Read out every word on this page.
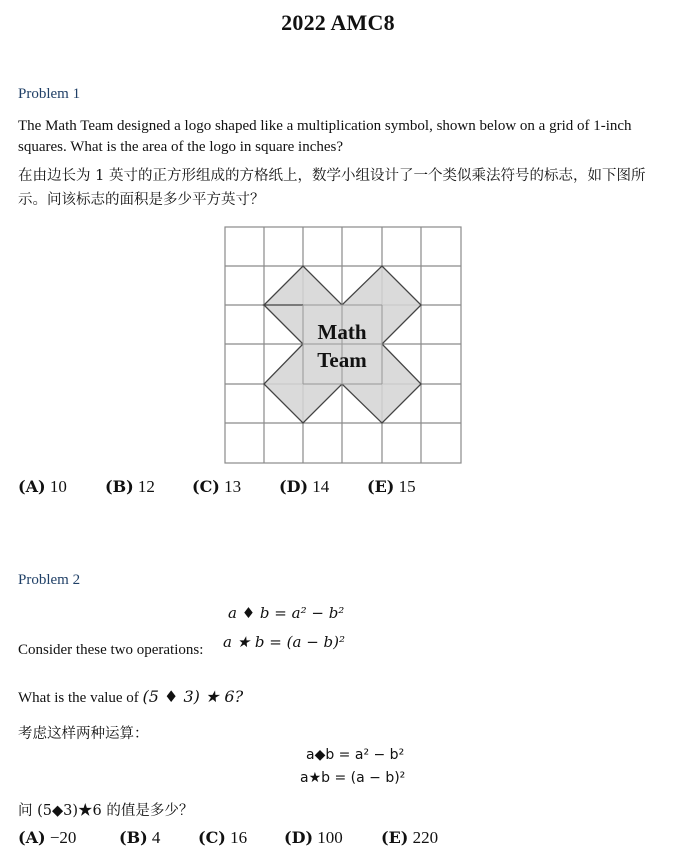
2022 AMC8
Problem 1
The Math Team designed a logo shaped like a multiplication symbol, shown below on a grid of 1-inch squares. What is the area of the logo in square inches?
在由边长为 1 英寸的正方形组成的方格纸上，数学小组设计了一个类似乘法符号的标志，如下图所示。问该标志的面积是多少平方英寸？
Math
Team
(A) 10 (B) 12 (C) 13 (D) 14 (E) 15
Problem 2
a ♦ b = a² − b²
Consider these two operations: a ★ b = (a − b)²
What is the value of (5 ♦ 3) ★ 6?
考虑这样两种运算：
a◆b = a² − b²
a★b = (a − b)²
问 (5◆3)★6 的值是多少？
(A) −20	(B) 4 (C) 16 (D) 100 (E) 220
